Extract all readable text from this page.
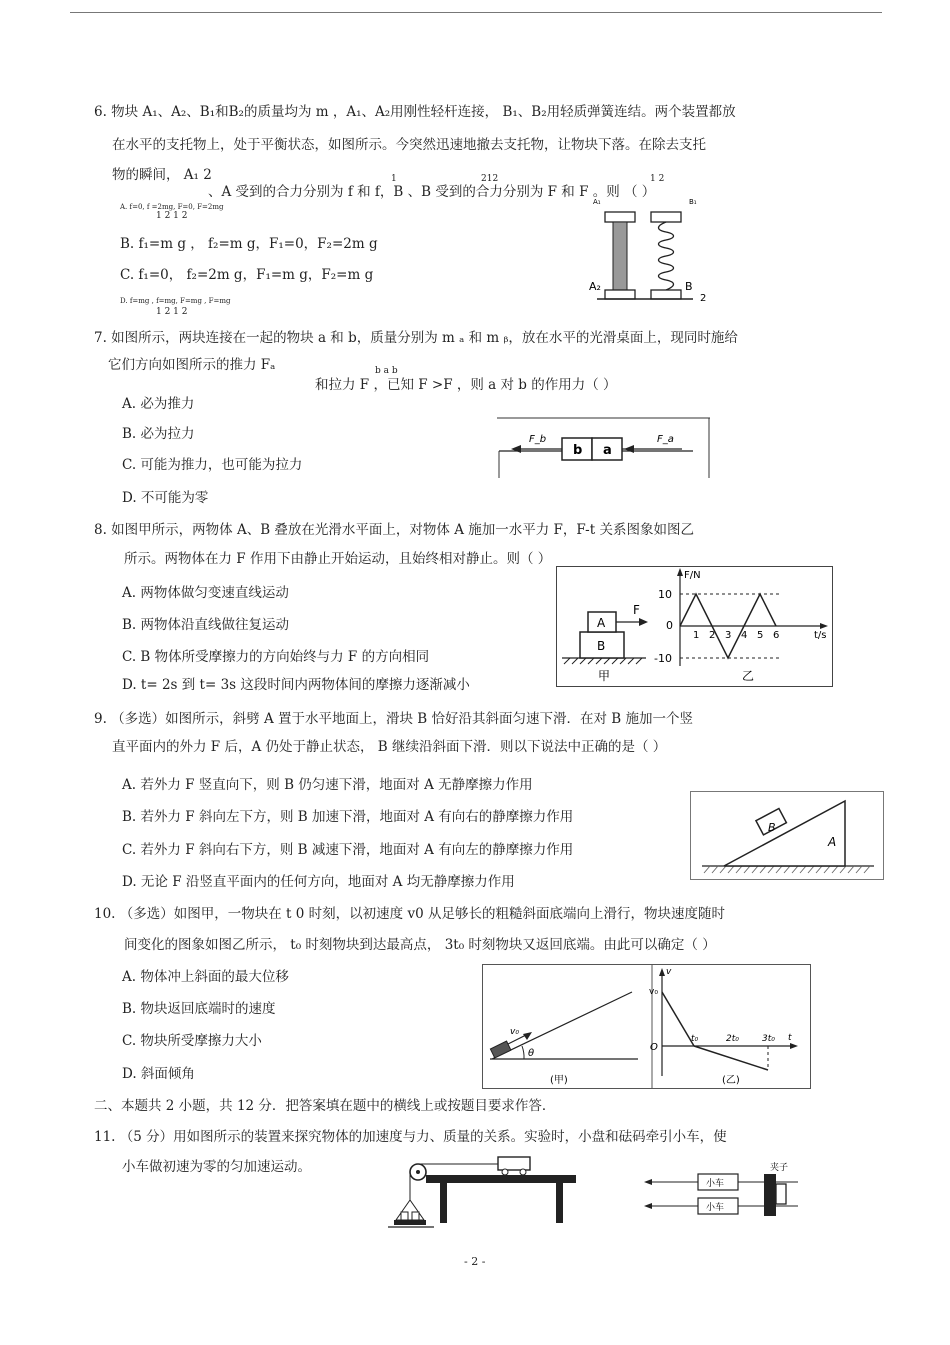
6. 物块 A₁、A₂、B₁和B₂的质量均为 m ，A₁、A₂用刚性轻杆连接， B₁、B₂用轻质弹簧连结。两个装置都放
在水平的支托物上，处于平衡状态，如图所示。今突然迅速地撤去支托物，让物块下落。在除去支托
物的瞬间， A₁ 2	1	212	1 2
、A 受到的合力分别为 f 和 f，B 、B 受到的合力分别为 F 和 F 。则 （ ）
A. f=0, f =2mg, F=0, F=2mg
1 2 1 2
B. f₁=m g ， f₂=m g，F₁=0，F₂=2m g
C. f₁=0， f₂=2m g，F₁=m g，F₂=m g
D. f=mg , f=mg, F=mg , F=mg
1 2 1 2
A₁	B₁
A₂	B
2
7. 如图所示，两块连接在一起的物块 a 和 b，质量分别为 m ₐ 和 m ᵦ，放在水平的光滑桌面上，现同时施给
它们方向如图所示的推力 Fₐ	b a b
和拉力 F ，已知 F >F ，则 a 对 b 的作用力（ ）
A. 必为推力
B. 必为拉力
C. 可能为推力，也可能为拉力
D. 不可能为零
b a
F_b	F_a
8. 如图甲所示，两物体 A、B 叠放在光滑水平面上，对物体 A 施加一水平力 F，F-t 关系图象如图乙
所示。两物体在力 F 作用下由静止开始运动，且始终相对静止。则（ ）
A. 两物体做匀变速直线运动
B. 两物体沿直线做往复运动
C. B 物体所受摩擦力的方向始终与力 F 的方向相同
D. t= 2s 到 t= 3s 这段时间内两物体间的摩擦力逐渐减小
A
B
F
甲
F/N
10
0
-10
t/s
乙
1 2 3 4 5 6
9. （多选）如图所示，斜劈 A 置于水平地面上，滑块 B 恰好沿其斜面匀速下滑．在对 B 施加一个竖
直平面内的外力 F 后，A 仍处于静止状态， B 继续沿斜面下滑．则以下说法中正确的是（ ）
A. 若外力 F 竖直向下，则 B 仍匀速下滑，地面对 A 无静摩擦力作用
B. 若外力 F 斜向左下方，则 B 加速下滑，地面对 A 有向右的静摩擦力作用
C. 若外力 F 斜向右下方，则 B 减速下滑，地面对 A 有向左的静摩擦力作用
D. 无论 F 沿竖直平面内的任何方向，地面对 A 均无静摩擦力作用
B
A
10. （多选）如图甲，一物块在 t 0 时刻，以初速度 v0 从足够长的粗糙斜面底端向上滑行，物块速度随时
间变化的图象如图乙所示， t₀ 时刻物块到达最高点， 3t₀ 时刻物块又返回底端。由此可以确定（ ）
A. 物体冲上斜面的最大位移
B. 物块返回底端时的速度
C. 物块所受摩擦力大小
D. 斜面倾角
v₀
θ
(甲)
v
v₀
O
t₀	2t₀	3t₀ t
(乙)
二、本题共 2 小题，共 12 分．把答案填在题中的横线上或按题目要求作答．
11. （5 分）用如图所示的装置来探究物体的加速度与力、质量的关系。实验时，小盘和砝码牵引小车，使
小车做初速为零的匀加速运动。	夹子
小车
小车
- 2 -
